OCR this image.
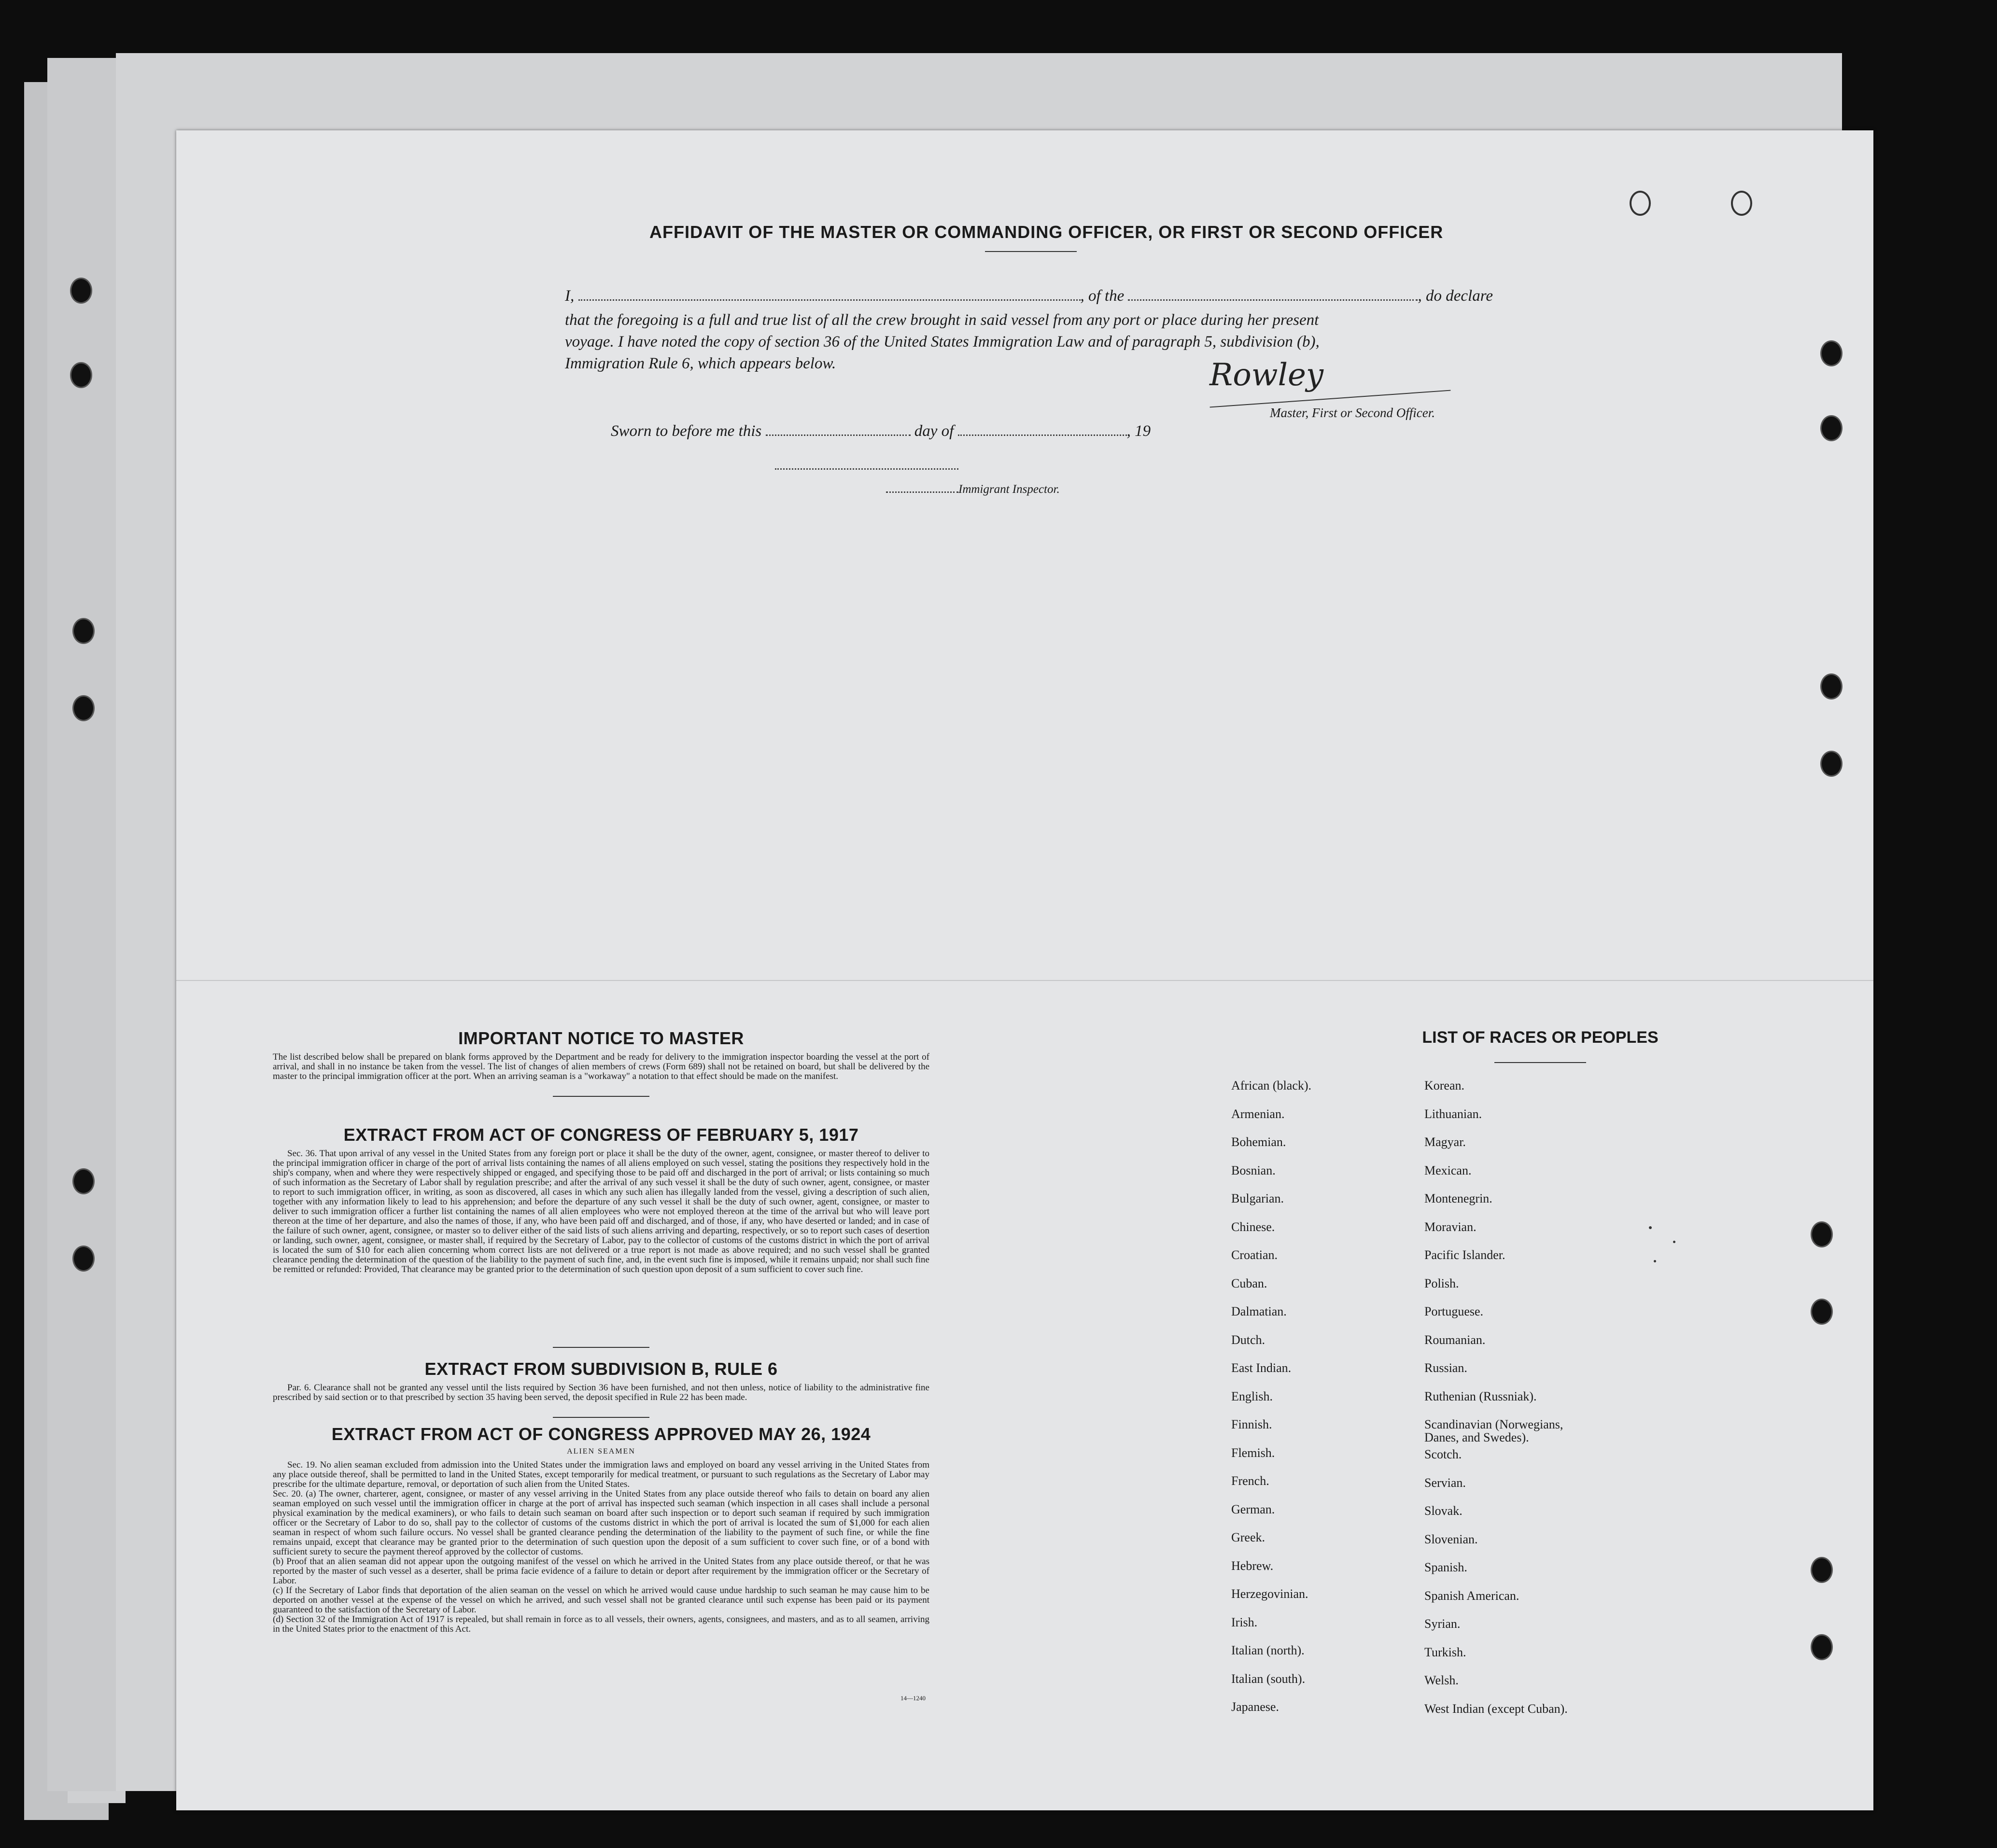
AFFIDAVIT OF THE MASTER OR COMMANDING OFFICER, OR FIRST OR SECOND OFFICER
I,	, of the	, do declare
that the foregoing is a full and true list of all the crew brought in said vessel from any port or place during her present
voyage. I have noted the copy of section 36 of the United States Immigration Law and of paragraph 5, subdivision (b),
Immigration Rule 6, which appears below.	Rowley
Master, First or Second Officer.
Sworn to before me this	day of	, 19
Immigrant Inspector.
IMPORTANT NOTICE TO MASTER
The list described below shall be prepared on blank forms approved by the Department and be ready for delivery to the immigration inspector boarding the vessel at the port of arrival, and shall in no instance be taken from the vessel. The list of changes of alien members of crews (Form 689) shall not be retained on board, but shall be delivered by the master to the principal immigration officer at the port. When an arriving seaman is a "workaway" a notation to that effect should be made on the manifest.
EXTRACT FROM ACT OF CONGRESS OF FEBRUARY 5, 1917
Sec. 36. That upon arrival of any vessel in the United States from any foreign port or place it shall be the duty of the owner, agent, consignee, or master thereof to deliver to the principal immigration officer in charge of the port of arrival lists containing the names of all aliens employed on such vessel, stating the positions they respectively hold in the ship's company, when and where they were respectively shipped or engaged, and specifying those to be paid off and discharged in the port of arrival; or lists containing so much of such information as the Secretary of Labor shall by regulation prescribe; and after the arrival of any such vessel it shall be the duty of such owner, agent, consignee, or master to report to such immigration officer, in writing, as soon as discovered, all cases in which any such alien has illegally landed from the vessel, giving a description of such alien, together with any information likely to lead to his apprehension; and before the departure of any such vessel it shall be the duty of such owner, agent, consignee, or master to deliver to such immigration officer a further list containing the names of all alien employees who were not employed thereon at the time of the arrival but who will leave port thereon at the time of her departure, and also the names of those, if any, who have been paid off and discharged, and of those, if any, who have deserted or landed; and in case of the failure of such owner, agent, consignee, or master so to deliver either of the said lists of such aliens arriving and departing, respectively, or so to report such cases of desertion or landing, such owner, agent, consignee, or master shall, if required by the Secretary of Labor, pay to the collector of customs of the customs district in which the port of arrival is located the sum of $10 for each alien concerning whom correct lists are not delivered or a true report is not made as above required; and no such vessel shall be granted clearance pending the determination of the question of the liability to the payment of such fine, and, in the event such fine is imposed, while it remains unpaid; nor shall such fine be remitted or refunded: Provided, That clearance may be granted prior to the determination of such question upon deposit of a sum sufficient to cover such fine.
EXTRACT FROM SUBDIVISION B, RULE 6
Par. 6. Clearance shall not be granted any vessel until the lists required by Section 36 have been furnished, and not then unless, notice of liability to the administrative fine prescribed by said section or to that prescribed by section 35 having been served, the deposit specified in Rule 22 has been made.
EXTRACT FROM ACT OF CONGRESS APPROVED MAY 26, 1924
ALIEN SEAMEN
Sec. 19. No alien seaman excluded from admission into the United States under the immigration laws and employed on board any vessel arriving in the United States from any place outside thereof, shall be permitted to land in the United States, except temporarily for medical treatment, or pursuant to such regulations as the Secretary of Labor may prescribe for the ultimate departure, removal, or deportation of such alien from the United States.
Sec. 20. (a) The owner, charterer, agent, consignee, or master of any vessel arriving in the United States from any place outside thereof who fails to detain on board any alien seaman employed on such vessel until the immigration officer in charge at the port of arrival has inspected such seaman (which inspection in all cases shall include a personal physical examination by the medical examiners), or who fails to detain such seaman on board after such inspection or to deport such seaman if required by such immigration officer or the Secretary of Labor to do so, shall pay to the collector of customs of the customs district in which the port of arrival is located the sum of $1,000 for each alien seaman in respect of whom such failure occurs. No vessel shall be granted clearance pending the determination of the liability to the payment of such fine, or while the fine remains unpaid, except that clearance may be granted prior to the determination of such question upon the deposit of a sum sufficient to cover such fine, or of a bond with sufficient surety to secure the payment thereof approved by the collector of customs.
(b) Proof that an alien seaman did not appear upon the outgoing manifest of the vessel on which he arrived in the United States from any place outside thereof, or that he was reported by the master of such vessel as a deserter, shall be prima facie evidence of a failure to detain or deport after requirement by the immigration officer or the Secretary of Labor.
(c) If the Secretary of Labor finds that deportation of the alien seaman on the vessel on which he arrived would cause undue hardship to such seaman he may cause him to be deported on another vessel at the expense of the vessel on which he arrived, and such vessel shall not be granted clearance until such expense has been paid or its payment guaranteed to the satisfaction of the Secretary of Labor.
(d) Section 32 of the Immigration Act of 1917 is repealed, but shall remain in force as to all vessels, their owners, agents, consignees, and masters, and as to all seamen, arriving in the United States prior to the enactment of this Act.
14—1240
LIST OF RACES OR PEOPLES
African (black).
Armenian.
Bohemian.
Bosnian.
Bulgarian.
Chinese.
Croatian.
Cuban.
Dalmatian.
Dutch.
East Indian.
English.
Finnish.
Flemish.
French.
German.
Greek.
Hebrew.
Herzegovinian.
Irish.
Italian (north).
Italian (south).
Japanese.
Korean.
Lithuanian.
Magyar.
Mexican.
Montenegrin.
Moravian.
Pacific Islander.
Polish.
Portuguese.
Roumanian.
Russian.
Ruthenian (Russniak).
Scandinavian (Norwegians,
Danes, and Swedes).
Scotch.
Servian.
Slovak.
Slovenian.
Spanish.
Spanish American.
Syrian.
Turkish.
Welsh.
West Indian (except Cuban).
